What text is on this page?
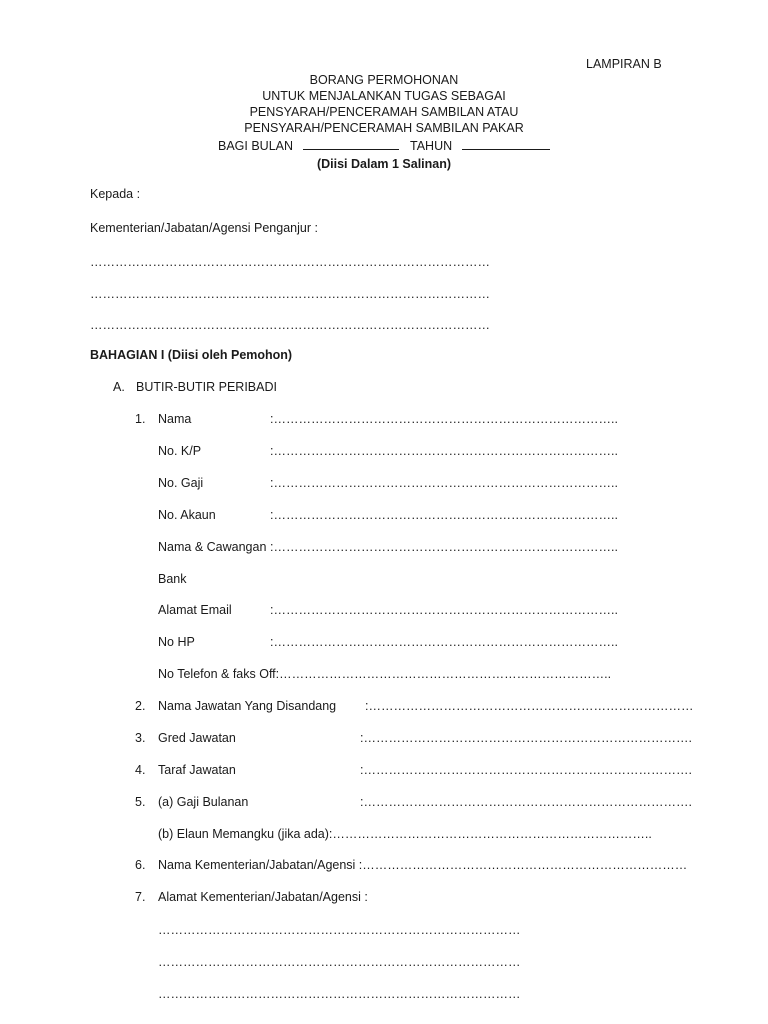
LAMPIRAN B
BORANG PERMOHONAN
UNTUK MENJALANKAN TUGAS SEBAGAI
PENSYARAH/PENCERAMAH SAMBILAN ATAU
PENSYARAH/PENCERAMAH SAMBILAN PAKAR
BAGI BULAN	TAHUN
(Diisi Dalam 1 Salinan)
Kepada :
Kementerian/Jabatan/Agensi Penganjur :
……………………………………………………………………………………
……………………………………………………………………………………
……………………………………………………………………………………
BAHAGIAN I (Diisi oleh Pemohon)
A. BUTIR-BUTIR PERIBADI
1. Nama	:………………………………………………………………………..
No. K/P	:………………………………………………………………………..
No. Gaji	:………………………………………………………………………..
No. Akaun	:………………………………………………………………………..
Nama & Cawangan :………………………………………………………………………..
Bank
Alamat Email	:………………………………………………………………………..
No HP	:………………………………………………………………………..
No Telefon & faks Off:……………………………………………………………………..
2. Nama Jawatan Yang Disandang :……………………………………………………………………
3. Gred Jawatan	:…………………………………………………………………….
4. Taraf Jawatan	:…………………………………………………………………….
5. (a) Gaji Bulanan	:…………………………………………………………………….
(b) Elaun Memangku (jika ada):…………………………………………………………………..
6. Nama Kementerian/Jabatan/Agensi :……………………………………………………………………
7. Alamat Kementerian/Jabatan/Agensi :
……………………………………………………………………………
……………………………………………………………………………
……………………………………………………………………………
